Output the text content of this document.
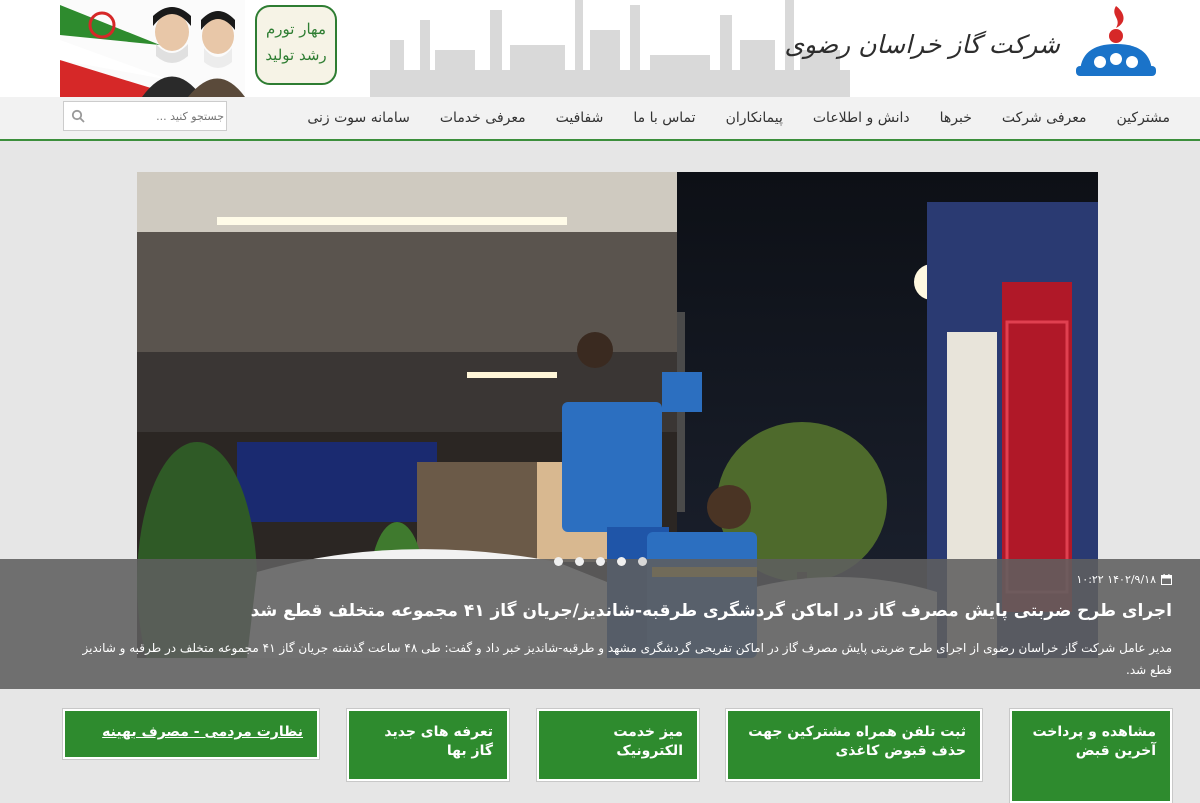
شرکت گاز خراسان رضوی
مهار تورم رشد تولید
مشترکین
معرفی شرکت
خبرها
دانش و اطلاعات
پیمانکاران
تماس با ما
شفافیت
معرفی خدمات
سامانه سوت زنی
جستجو کنید ...
۱۴۰۲/۹/۱۸ ۱۰:۲۲
اجرای طرح ضربتی پایش مصرف گاز در اماکن گردشگری طرقبه-شاندیز/جریان گاز ۴۱ مجموعه متخلف قطع شد
مدیر عامل شرکت گاز خراسان رضوی از اجرای طرح ضربتی پایش مصرف گاز در اماکن تفریحی گردشگری مشهد و طرقبه-شاندیز خبر داد و گفت: طی ۴۸ ساعت گذشته جریان گاز ۴۱ مجموعه متخلف در طرقبه و شاندیز قطع شد.
مشاهده و پرداخت آخرین قبض
ثبت تلفن همراه مشترکین جهت حذف قبوض کاغذی
میز خدمت الکترونیک
تعرفه های جدید گاز بها
نظارت مردمی - مصرف بهینه
